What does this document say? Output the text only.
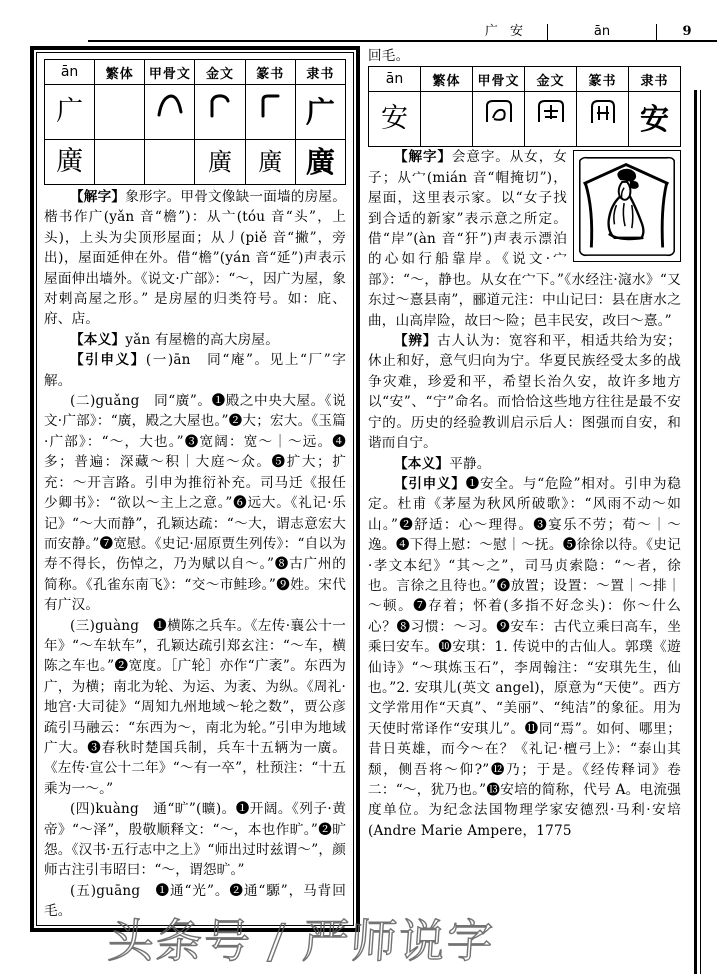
广 安	ān	9
ān	繁体	甲骨文	金文	篆书	隶书
广					广
廣			廣	廣	廣

【解字】象形字。甲骨文像缺一面墙的房屋。楷书作广(yǎn 音“檐”)：从亠(tóu 音“头”，上头)，上头为尖顶形屋面；从丿(piě 音“撇”，旁出)，屋面延伸在外。借“檐”(yán 音“延”)声表示屋面伸出墙外。《说文·广部》：“～，因广为屋，象对剌高屋之形。” 是房屋的归类符号。如：庇、府、店。

【本义】yǎn 有屋檐的高大房屋。

【引申义】(一)ān　同“庵”。见上“厂”字解。

(二)guǎng　同“廣”。❶殿之中央大屋。《说文·广部》：“廣，殿之大屋也。”❷大；宏大。《玉篇·广部》：“～，大也。”❸宽阔：宽～｜～远。❹多；普遍：深藏～积｜大庭～众。❺扩大；扩充：～开言路。引申为推衍补充。司马迁《报任少卿书》：“欲以～主上之意。”❻远大。《礼记·乐记》“～大而静”，孔颖达疏：“～大，谓志意宏大而安静。”❼宽慰。《史记·屈原贾生列传》：“自以为寿不得长，伤悼之，乃为赋以自～。”❽古广州的简称。《孔雀东南飞》：“交～市鲑珍。”❾姓。宋代有广汉。

(三)guàng　❶横陈之兵车。《左传·襄公十一年》“～车轪车”，孔颖达疏引郑玄注：“～车，横陈之车也。”❷宽度。［广轮］亦作“广袤”。东西为广，为横；南北为轮、为运、为袤、为纵。《周礼·地宫·大司徒》“周知九州地域～轮之数”，贾公彦疏引马融云：“东西为～，南北为轮。”引申为地域广大。❸春秋时楚国兵制，兵车十五辆为一廣。《左传·宣公十二年》“～有一卒”，杜预注：“十五乘为一～。”

(四)kuàng　通“旷”(曠)。❶开阔。《列子·黄帝》“～泽”，殷敬顺释文：“～，本也作旷。”❷旷怨。《汉书·五行志中之上》“师出过时兹谓～”，颜师古注引韦昭曰：“～，谓怨旷。”

(五)guāng　❶通“光”。❷通“騵”，马背回毛。

回毛。

ān	繁体	甲骨文	金文	篆书	隶书
安					安

【解字】会意字。从女，女子；从宀(mián 音“帽掩切”)，屋面，这里表示家。以“女子找到合适的新家”表示意之所定。借“岸”(àn 音“犴”)声表示漂泊的心如行船靠岸。《说文·宀部》：“～，静也。从女在宀下。”《水经注·滱水》“又东过～憙县南”，郦道元注：中山记曰：县在唐水之曲，山高岸险，故曰～险；邑丰民安，改曰～憙。”

【辨】古人认为：宽容和平，相适共给为安；休止和好，意气归向为宁。华夏民族经受太多的战争灾难，珍爱和平，希望长治久安，故许多地方以“安”、“宁”命名。而恰恰这些地方往往是最不安宁的。历史的经验教训启示后人：图强而自安，和谐而自宁。

【本义】平静。

【引申义】❶安全。与“危险”相对。引申为稳定。杜甫《茅屋为秋风所破歌》：“风雨不动～如山。”❷舒适：心～理得。❸宴乐不劳；荀～｜～逸。❹下得上慰：～慰｜～抚。❺徐徐以待。《史记·孝文本纪》“其～之”，司马贞索隐：“～者，徐也。言徐之且待也。”❻放置；设置：～置｜～排｜～顿。❼存着；怀着(多指不好念头)：你～什么心？❽习惯：～习。❾安车：古代立乘曰高车，坐乘曰安车。❿安琪：1. 传说中的古仙人。郭璞《遊仙诗》“～琪炼玉石”，李周翰注：“安琪先生，仙也。”2. 安琪儿(英文 angel)，原意为“天使”。西方文学常用作“天真”、“美丽”、“纯洁”的象征。用为天使时常译作“安琪儿”。⓫同“焉”。如何、哪里；昔日英雄，而今～在？《礼记·檀弓上》：“泰山其颓，侧吾将～仰?”⓬乃；于是。《经传释词》卷二：“～，犹乃也。”⓭安培的简称，代号 A。电流强度单位。为纪念法国物理学家安德烈·马利·安培(Andre Marie Ampere，1775

头条号 / 严师说字
